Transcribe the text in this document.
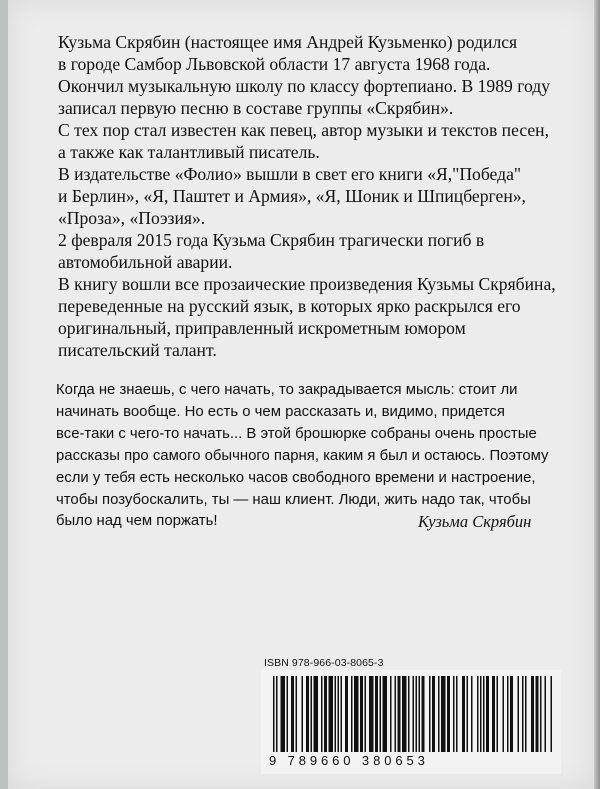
Кузьма Скрябин (настоящее имя Андрей Кузьменко) родился

в городе Самбор Львовской области 17 августа 1968 года.

Окончил музыкальную школу по классу фортепиано. В 1989 году

записал первую песню в составе группы «Скрябин».

С тех пор стал известен как певец, автор музыки и текстов песен,

а также как талантливый писатель.

В издательстве «Фолио» вышли в свет его книги «Я,"Победа"

и Берлин», «Я, Паштет и Армия», «Я, Шоник и Шпицберген»,

«Проза», «Поэзия».

2 февраля 2015 года Кузьма Скрябин трагически погиб в

автомобильной аварии.

В книгу вошли все прозаические произведения Кузьмы Скрябина,

переведенные на русский язык, в которых ярко раскрылся его

оригинальный, приправленный искрометным юмором

писательский талант.

Когда не знаешь, с чего начать, то закрадывается мысль: стоит ли

начинать вообще. Но есть о чем рассказать и, видимо, придется

все-таки с чего-то начать... В этой брошюрке собраны очень простые

рассказы про самого обычного парня, каким я был и остаюсь. Поэтому

если у тебя есть несколько часов свободного времени и настроение,

чтобы позубоскалить, ты — наш клиент. Люди, жить надо так, чтобы

было над чем поржать!	Кузьма Скрябин
ISBN 978-966-03-8065-3
9 789660 380653
